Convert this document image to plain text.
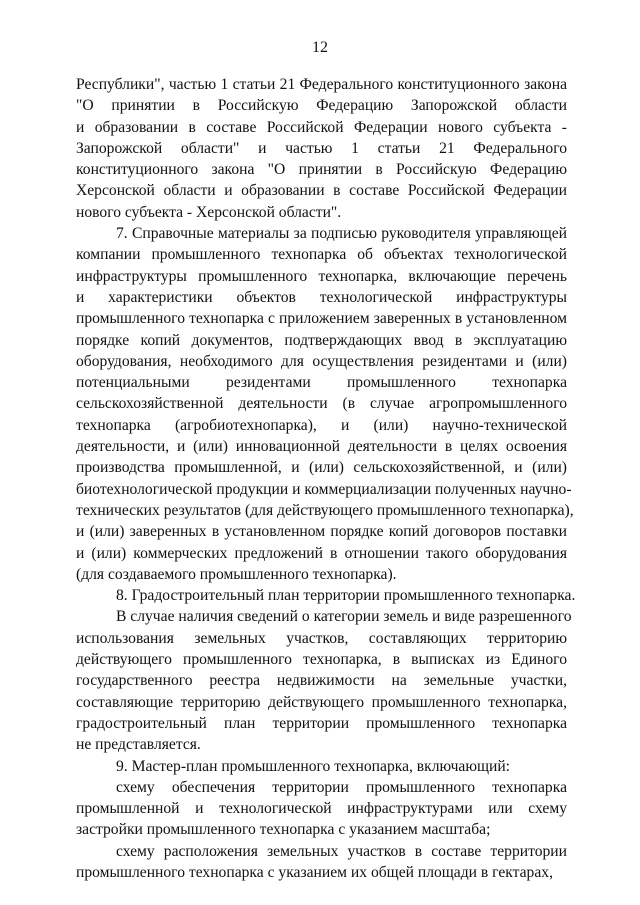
12

Республики", частью 1 статьи 21 Федерального конституционного закона
"О принятии в Российскую Федерацию Запорожской области
и образовании в составе Российской Федерации нового субъекта -
Запорожской области" и частью 1 статьи 21 Федерального
конституционного закона "О принятии в Российскую Федерацию
Херсонской области и образовании в составе Российской Федерации
нового субъекта - Херсонской области".

7. Справочные материалы за подписью руководителя управляющей
компании промышленного технопарка об объектах технологической
инфраструктуры промышленного технопарка, включающие перечень
и характеристики объектов технологической инфраструктуры
промышленного технопарка с приложением заверенных в установленном
порядке копий документов, подтверждающих ввод в эксплуатацию
оборудования, необходимого для осуществления резидентами и (или)
потенциальными резидентами промышленного технопарка
сельскохозяйственной деятельности (в случае агропромышленного
технопарка (агробиотехнопарка), и (или) научно-технической
деятельности, и (или) инновационной деятельности в целях освоения
производства промышленной, и (или) сельскохозяйственной, и (или)
биотехнологической продукции и коммерциализации полученных научно-
технических результатов (для действующего промышленного технопарка),
и (или) заверенных в установленном порядке копий договоров поставки
и (или) коммерческих предложений в отношении такого оборудования
(для создаваемого промышленного технопарка).

8. Градостроительный план территории промышленного технопарка.

В случае наличия сведений о категории земель и виде разрешенного
использования земельных участков, составляющих территорию
действующего промышленного технопарка, в выписках из Единого
государственного реестра недвижимости на земельные участки,
составляющие территорию действующего промышленного технопарка,
градостроительный план территории промышленного технопарка
не представляется.

9. Мастер-план промышленного технопарка, включающий:

схему обеспечения территории промышленного технопарка
промышленной и технологической инфраструктурами или схему
застройки промышленного технопарка с указанием масштаба;

схему расположения земельных участков в составе территории
промышленного технопарка с указанием их общей площади в гектарах,
